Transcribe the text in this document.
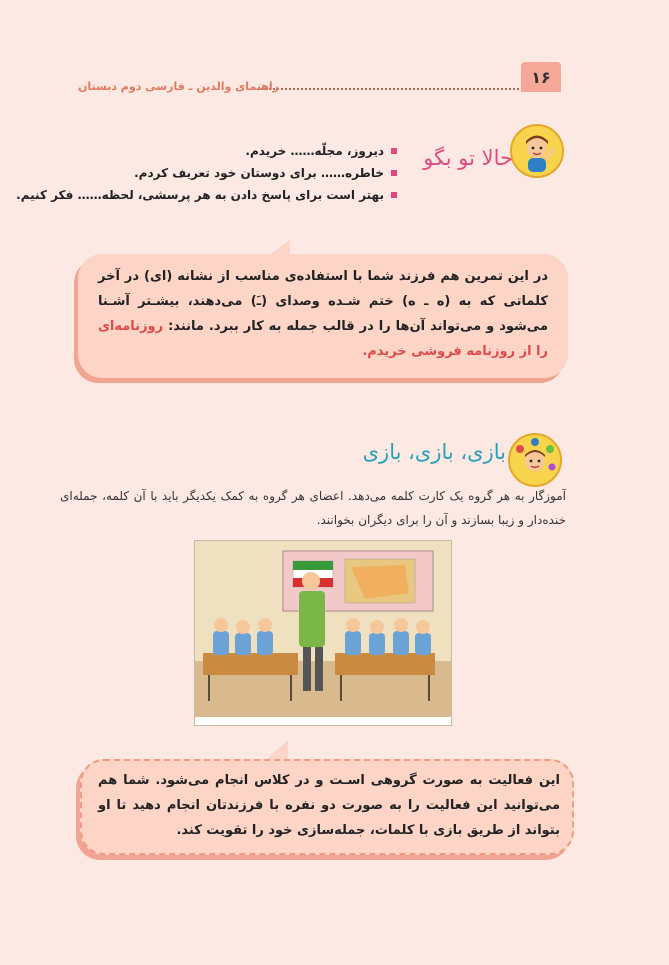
۱۶
راهنمای والدین ـ فارسی دوم دبستان
حالا تو بگو
دیروز، مجلّه…… خریدم.
خاطره…… برای دوستان خود تعریف کردم.
بهتر است برای پاسخ دادن به هر پرسشی، لحظه…… فکر کنیم.
در این تمرین هم فرزند شما با استفاده‌ی مناسب از نشانه (ای) در آخر کلماتی که به (ه ـ ه) ختم شـده وصدای (ـَ) می‌دهند، بیشـتر آشـنا می‌شود و می‌تواند آن‌ها را در قالب جمله به کار ببرد. مانند: روزنامه‌ای را از روزنامه فروشی خریدم.
بازی، بازی، بازی
آموزگار به هر گروه یک کارت کلمه می‌دهد. اعضای هر گروه به کمک یکدیگر باید با آن کلمه، جمله‌ای خنده‌دار و زیبا بسازند و آن را برای دیگران بخوانند.
این فعالیت به صورت گروهی اسـت و در کلاس انجام می‌شود. شما هم می‌توانید این فعالیت را به صورت دو نفره با فرزندتان انجام دهید تا او بتواند از طریق بازی با کلمات، جمله‌سازی خود را تقویت کند.
